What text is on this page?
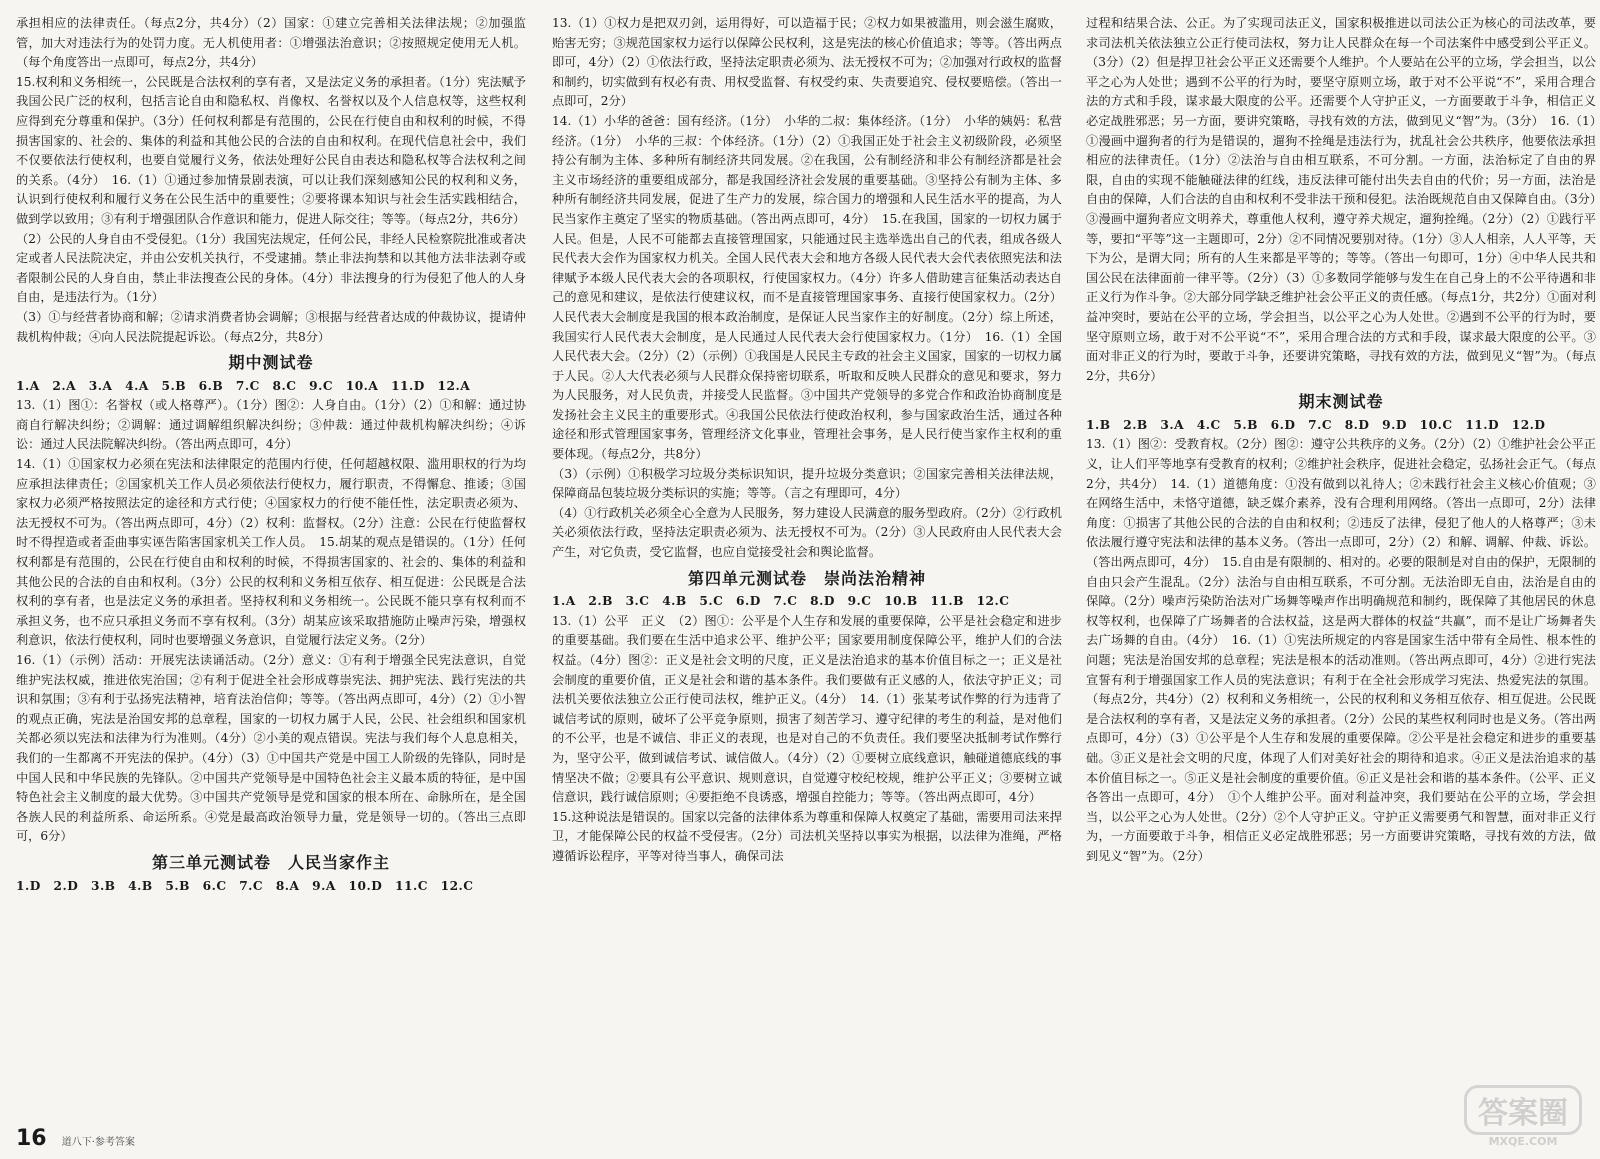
承担相应的法律责任。（每点2分，共4分）（2）国家：①建立完善相关法律法规；②加强监管，加大对违法行为的处罚力度。无人机使用者：①增强法治意识；②按照规定使用无人机。（每个角度答出一点即可，每点2分，共4分）

15.权利和义务相统一，公民既是合法权利的享有者，又是法定义务的承担者。（1分）宪法赋予我国公民广泛的权利，包括言论自由和隐私权、肖像权、名誉权以及个人信息权等，这些权利应得到充分尊重和保护。（3分）任何权利都是有范围的，公民在行使自由和权利的时候，不得损害国家的、社会的、集体的利益和其他公民的合法的自由和权利。在现代信息社会中，我们不仅要依法行使权利，也要自觉履行义务，依法处理好公民自由表达和隐私权等合法权利之间的关系。（4分）　16.（1）①通过参加情景剧表演，可以让我们深刻感知公民的权利和义务，认识到行使权利和履行义务在公民生活中的重要性；②要将课本知识与社会生活实践相结合，做到学以致用；③有利于增强团队合作意识和能力，促进人际交往；等等。（每点2分，共6分）

（2）公民的人身自由不受侵犯。（1分）我国宪法规定，任何公民，非经人民检察院批准或者决定或者人民法院决定，并由公安机关执行，不受逮捕。禁止非法拘禁和以其他方法非法剥夺或者限制公民的人身自由，禁止非法搜查公民的身体。（4分）非法搜身的行为侵犯了他人的人身自由，是违法行为。（1分）

（3）①与经营者协商和解；②请求消费者协会调解；③根据与经营者达成的仲裁协议，提请仲裁机构仲裁；④向人民法院提起诉讼。（每点2分，共8分）

期中测试卷

1.A　2.A　3.A　4.A　5.B　6.B　7.C　8.C　9.C　10.A　11.D　12.A

13.（1）图①：名誉权（或人格尊严）。（1分）图②：人身自由。（1分）（2）①和解：通过协商自行解决纠纷；②调解：通过调解组织解决纠纷；③仲裁：通过仲裁机构解决纠纷；④诉讼：通过人民法院解决纠纷。（答出两点即可，4分）

14.（1）①国家权力必须在宪法和法律限定的范围内行使，任何超越权限、滥用职权的行为均应承担法律责任；②国家机关工作人员必须依法行使权力，履行职责，不得懈怠、推诿；③国家权力必须严格按照法定的途径和方式行使；④国家权力的行使不能任性，法定职责必须为、法无授权不可为。（答出两点即可，4分）（2）权利：监督权。（2分）注意：公民在行使监督权时不得捏造或者歪曲事实诬告陷害国家机关工作人员。　15.胡某的观点是错误的。（1分）任何权利都是有范围的，公民在行使自由和权利的时候，不得损害国家的、社会的、集体的利益和其他公民的合法的自由和权利。（3分）公民的权利和义务相互依存、相互促进：公民既是合法权利的享有者，也是法定义务的承担者。坚持权利和义务相统一。公民既不能只享有权利而不承担义务，也不应只承担义务而不享有权利。（3分）胡某应该采取措施防止噪声污染，增强权利意识，依法行使权利，同时也要增强义务意识，自觉履行法定义务。（2分）

16.（1）（示例）活动：开展宪法读诵活动。（2分）意义：①有利于增强全民宪法意识，自觉维护宪法权威，推进依宪治国；②有利于促进全社会形成尊崇宪法、拥护宪法、践行宪法的共识和氛围；③有利于弘扬宪法精神，培育法治信仰；等等。（答出两点即可，4分）（2）①小智的观点正确，宪法是治国安邦的总章程，国家的一切权力属于人民，公民、社会组织和国家机关都必须以宪法和法律为行为准则。（4分）②小美的观点错误。宪法与我们每个人息息相关，我们的一生都离不开宪法的保护。（4分）（3）①中国共产党是中国工人阶级的先锋队，同时是中国人民和中华民族的先锋队。②中国共产党领导是中国特色社会主义最本质的特征，是中国特色社会主义制度的最大优势。③中国共产党领导是党和国家的根本所在、命脉所在，是全国各族人民的利益所系、命运所系。④党是最高政治领导力量，党是领导一切的。（答出三点即可，6分）

第三单元测试卷　人民当家作主

1.D　2.D　3.B　4.B　5.B　6.C　7.C　8.A　9.A　10.D　11.C　12.C

13.（1）①权力是把双刃剑，运用得好，可以造福于民；②权力如果被滥用，则会滋生腐败，贻害无穷；③规范国家权力运行以保障公民权利，这是宪法的核心价值追求；等等。（答出两点即可，4分）（2）①依法行政，坚持法定职责必须为、法无授权不可为；②加强对行政权的监督和制约，切实做到有权必有责、用权受监督、有权受约束、失责要追究、侵权要赔偿。（答出一点即可，2分）

14.（1）小华的爸爸：国有经济。（1分）　小华的二叔：集体经济。（1分）　小华的姨妈：私营经济。（1分）　小华的三叔：个体经济。（1分）（2）①我国正处于社会主义初级阶段，必须坚持公有制为主体、多种所有制经济共同发展。②在我国，公有制经济和非公有制经济都是社会主义市场经济的重要组成部分，都是我国经济社会发展的重要基础。③坚持公有制为主体、多种所有制经济共同发展，促进了生产力的发展，综合国力的增强和人民生活水平的提高，为人民当家作主奠定了坚实的物质基础。（答出两点即可，4分）　15.在我国，国家的一切权力属于人民。但是，人民不可能都去直接管理国家，只能通过民主选举选出自己的代表，组成各级人民代表大会作为国家权力机关。全国人民代表大会和地方各级人民代表大会代表依照宪法和法律赋予本级人民代表大会的各项职权，行使国家权力。（4分）许多人借助建言征集活动表达自己的意见和建议，是依法行使建议权，而不是直接管理国家事务、直接行使国家权力。（2分）人民代表大会制度是我国的根本政治制度，是保证人民当家作主的好制度。（2分）综上所述，我国实行人民代表大会制度，是人民通过人民代表大会行使国家权力。（1分）　16.（1）全国人民代表大会。（2分）（2）（示例）①我国是人民民主专政的社会主义国家，国家的一切权力属于人民。②人大代表必须与人民群众保持密切联系，听取和反映人民群众的意见和要求，努力为人民服务，对人民负责，并接受人民监督。③中国共产党领导的多党合作和政治协商制度是发扬社会主义民主的重要形式。④我国公民依法行使政治权利，参与国家政治生活，通过各种途径和形式管理国家事务，管理经济文化事业，管理社会事务，是人民行使当家作主权利的重要体现。（每点2分，共8分）

（3）（示例）①积极学习垃圾分类标识知识，提升垃圾分类意识；②国家完善相关法律法规，保障商品包装垃圾分类标识的实施；等等。（言之有理即可，4分）

（4）①行政机关必须全心全意为人民服务，努力建设人民满意的服务型政府。（2分）②行政机关必须依法行政，坚持法定职责必须为、法无授权不可为。（2分）③人民政府由人民代表大会产生，对它负责，受它监督，也应自觉接受社会和舆论监督。

第四单元测试卷　崇尚法治精神

1.A　2.B　3.C　4.B　5.C　6.D　7.C　8.D　9.C　10.B　11.B　12.C

13.（1）公平　正义　（2）图①：公平是个人生存和发展的重要保障，公平是社会稳定和进步的重要基础。我们要在生活中追求公平、维护公平；国家要用制度保障公平，维护人们的合法权益。（4分）图②：正义是社会文明的尺度，正义是法治追求的基本价值目标之一；正义是社会制度的重要价值，正义是社会和谐的基本条件。我们要做有正义感的人，依法守护正义；司法机关要依法独立公正行使司法权，维护正义。（4分）　14.（1）张某考试作弊的行为违背了诚信考试的原则，破坏了公平竞争原则，损害了刻苦学习、遵守纪律的考生的利益，是对他们的不公平，也是不诚信、非正义的表现，也是对自己的不负责任。我们要坚决抵制考试作弊行为，坚守公平，做到诚信考试、诚信做人。（4分）（2）①要树立底线意识，触碰道德底线的事情坚决不做；②要具有公平意识、规则意识，自觉遵守校纪校规，维护公平正义；③要树立诚信意识，践行诚信原则；④要拒绝不良诱惑，增强自控能力；等等。（答出两点即可，4分）

15.这种说法是错误的。国家以完备的法律体系为尊重和保障人权奠定了基础，需要用司法来捍卫，才能保障公民的权益不受侵害。（2分）司法机关坚持以事实为根据，以法律为准绳，严格遵循诉讼程序，平等对待当事人，确保司法

过程和结果合法、公正。为了实现司法正义，国家积极推进以司法公正为核心的司法改革，要求司法机关依法独立公正行使司法权，努力让人民群众在每一个司法案件中感受到公平正义。（3分）（2）但是捍卫社会公平正义还需要个人维护。个人要站在公平的立场，学会担当，以公平之心为人处世；遇到不公平的行为时，要坚守原则立场，敢于对不公平说“不”，采用合理合法的方式和手段，谋求最大限度的公平。还需要个人守护正义，一方面要敢于斗争，相信正义必定战胜邪恶；另一方面，要讲究策略，寻找有效的方法，做到见义“智”为。（3分）　16.（1）①漫画中遛狗者的行为是错误的，遛狗不拴绳是违法行为，扰乱社会公共秩序，他要依法承担相应的法律责任。（1分）②法治与自由相互联系，不可分割。一方面，法治标定了自由的界限，自由的实现不能触碰法律的红线，违反法律可能付出失去自由的代价；另一方面，法治是自由的保障，人们合法的自由和权利不受非法干预和侵犯。法治既规范自由又保障自由。（3分）③漫画中遛狗者应文明养犬，尊重他人权利，遵守养犬规定，遛狗拴绳。（2分）（2）①践行平等，要扣“平等”这一主题即可，2分）②不同情况要别对待。（1分）③人人相亲，人人平等，天下为公，是谓大同；所有的人生来都是平等的；等等。（答出一句即可，1分）④中华人民共和国公民在法律面前一律平等。（2分）（3）①多数同学能够与发生在自己身上的不公平待遇和非正义行为作斗争。②大部分同学缺乏维护社会公平正义的责任感。（每点1分，共2分）①面对利益冲突时，要站在公平的立场，学会担当，以公平之心为人处世。②遇到不公平的行为时，要坚守原则立场，敢于对不公平说“不”，采用合理合法的方式和手段，谋求最大限度的公平。③面对非正义的行为时，要敢于斗争，还要讲究策略，寻找有效的方法，做到见义“智”为。（每点2分，共6分）

期末测试卷

1.B　2.B　3.A　4.C　5.B　6.D　7.C　8.D　9.D　10.C　11.D　12.D

13.（1）图②：受教育权。（2分）图②：遵守公共秩序的义务。（2分）（2）①维护社会公平正义，让人们平等地享有受教育的权利；②维护社会秩序，促进社会稳定，弘扬社会正气。（每点2分，共4分）　14.（1）道德角度：①没有做到以礼待人；②未践行社会主义核心价值观；③在网络生活中，未恪守道德，缺乏媒介素养，没有合理利用网络。（答出一点即可，2分）法律角度：①损害了其他公民的合法的自由和权利；②违反了法律，侵犯了他人的人格尊严；③未依法履行遵守宪法和法律的基本义务。（答出一点即可，2分）（2）和解、调解、仲裁、诉讼。（答出两点即可，4分）　15.自由是有限制的、相对的。必要的限制是对自由的保护，无限制的自由只会产生混乱。（2分）法治与自由相互联系，不可分割。无法治即无自由，法治是自由的保障。（2分）噪声污染防治法对广场舞等噪声作出明确规范和制约，既保障了其他居民的休息权等权利，也保障了广场舞者的合法权益，这是两大群体的权益“共赢”，而不是让广场舞者失去广场舞的自由。（4分）　16.（1）①宪法所规定的内容是国家生活中带有全局性、根本性的问题；宪法是治国安邦的总章程；宪法是根本的活动准则。（答出两点即可，4分）②进行宪法宣誓有利于增强国家工作人员的宪法意识；有利于在全社会形成学习宪法、热爱宪法的氛围。（每点2分，共4分）（2）权利和义务相统一，公民的权利和义务相互依存、相互促进。公民既是合法权利的享有者，又是法定义务的承担者。（2分）公民的某些权利同时也是义务。（答出两点即可，4分）（3）①公平是个人生存和发展的重要保障。②公平是社会稳定和进步的重要基础。③正义是社会文明的尺度，体现了人们对美好社会的期待和追求。④正义是法治追求的基本价值目标之一。⑤正义是社会制度的重要价值。⑥正义是社会和谐的基本条件。（公平、正义各答出一点即可，4分）　①个人维护公平。面对利益冲突，我们要站在公平的立场，学会担当，以公平之心为人处世。（2分）②个人守护正义。守护正义需要勇气和智慧，面对非正义行为，一方面要敢于斗争，相信正义必定战胜邪恶；另一方面要讲究策略，寻找有效的方法，做到见义“智”为。（2分）

16 道八下·参考答案
答案圈
MXQE.COM
